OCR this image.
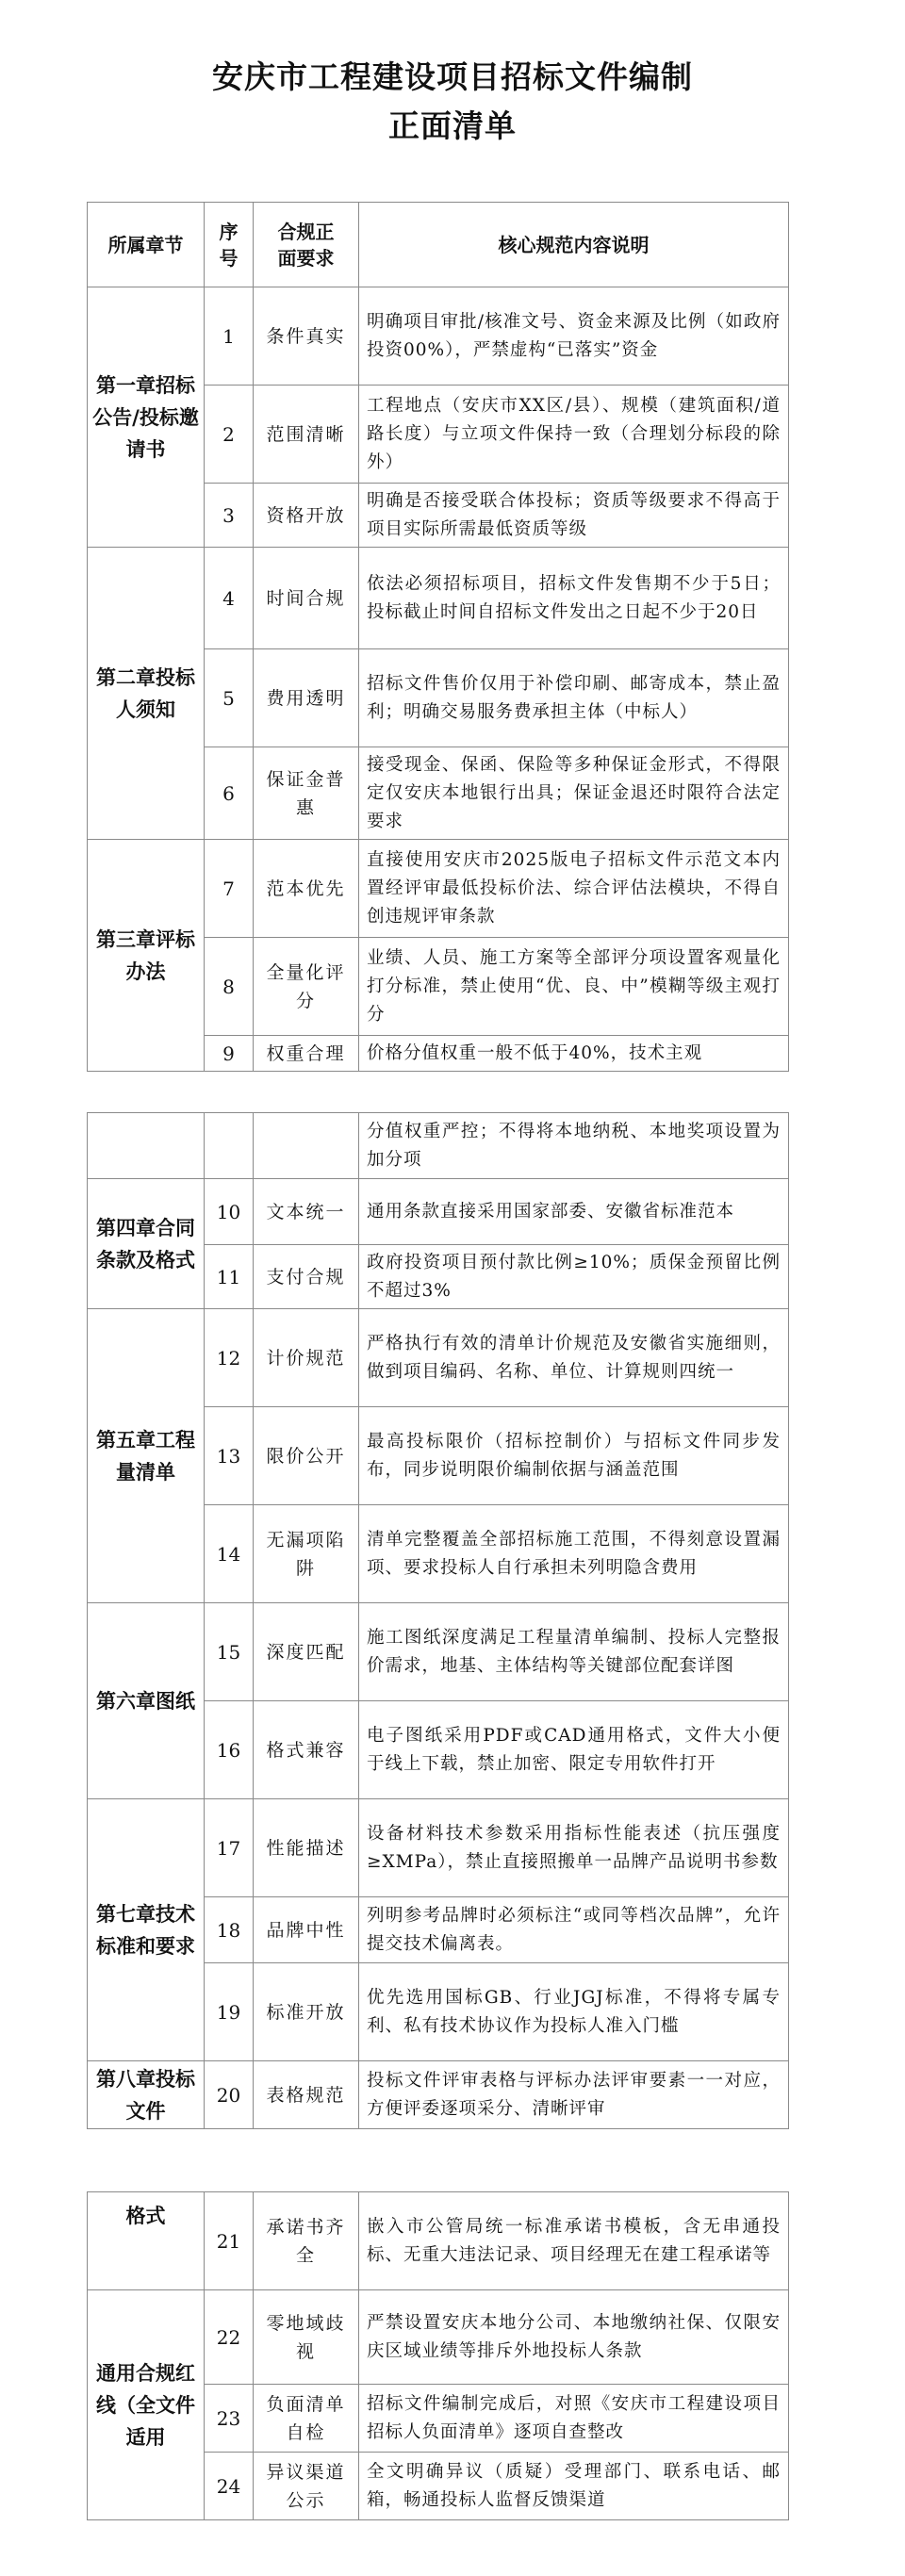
安庆市工程建设项目招标文件编制
正面清单
所属章节	序号	合规正面要求	核心规范内容说明
第一章招标公告/投标邀请书	1	条件真实	明确项目审批/核准文号、资金来源及比例（如政府投资00%），严禁虚构“已落实”资金
	2	范围清晰	工程地点（安庆市XX区/县）、规模（建筑面积/道路长度）与立项文件保持一致（合理划分标段的除外）
	3	资格开放	明确是否接受联合体投标；资质等级要求不得高于项目实际所需最低资质等级
第二章投标人须知	4	时间合规	依法必须招标项目，招标文件发售期不少于5日；投标截止时间自招标文件发出之日起不少于20日
	5	费用透明	招标文件售价仅用于补偿印刷、邮寄成本，禁止盈利；明确交易服务费承担主体（中标人）
	6	保证金普惠	接受现金、保函、保险等多种保证金形式，不得限定仅安庆本地银行出具；保证金退还时限符合法定要求
第三章评标办法	7	范本优先	直接使用安庆市2025版电子招标文件示范文本内置经评审最低投标价法、综合评估法模块，不得自创违规评审条款
	8	全量化评分	业绩、人员、施工方案等全部评分项设置客观量化打分标准，禁止使用“优、良、中”模糊等级主观打分
	9	权重合理	价格分值权重一般不低于40%，技术主观
			分值权重严控；不得将本地纳税、本地奖项设置为加分项
第四章合同条款及格式	10	文本统一	通用条款直接采用国家部委、安徽省标准范本
	11	支付合规	政府投资项目预付款比例≥10%；质保金预留比例不超过3%
第五章工程量清单	12	计价规范	严格执行有效的清单计价规范及安徽省实施细则，做到项目编码、名称、单位、计算规则四统一
	13	限价公开	最高投标限价（招标控制价）与招标文件同步发布，同步说明限价编制依据与涵盖范围
	14	无漏项陷阱	清单完整覆盖全部招标施工范围，不得刻意设置漏项、要求投标人自行承担未列明隐含费用
第六章图纸	15	深度匹配	施工图纸深度满足工程量清单编制、投标人完整报价需求，地基、主体结构等关键部位配套详图
	16	格式兼容	电子图纸采用PDF或CAD通用格式，文件大小便于线上下载，禁止加密、限定专用软件打开
第七章技术标准和要求	17	性能描述	设备材料技术参数采用指标性能表述（抗压强度≥XMPa），禁止直接照搬单一品牌产品说明书参数
	18	品牌中性	列明参考品牌时必须标注“或同等档次品牌”，允许提交技术偏离表。
	19	标准开放	优先选用国标GB、行业JGJ标准，不得将专属专利、私有技术协议作为投标人准入门槛
第八章投标文件	20	表格规范	投标文件评审表格与评标办法评审要素一一对应，方便评委逐项采分、清晰评审
格式	21	承诺书齐全	嵌入市公管局统一标准承诺书模板，含无串通投标、无重大违法记录、项目经理无在建工程承诺等
通用合规红线（全文件适用	22	零地域歧视	严禁设置安庆本地分公司、本地缴纳社保、仅限安庆区域业绩等排斥外地投标人条款
	23	负面清单自检	招标文件编制完成后，对照《安庆市工程建设项目招标人负面清单》逐项自查整改
	24	异议渠道公示	全文明确异议（质疑）受理部门、联系电话、邮箱，畅通投标人监督反馈渠道
